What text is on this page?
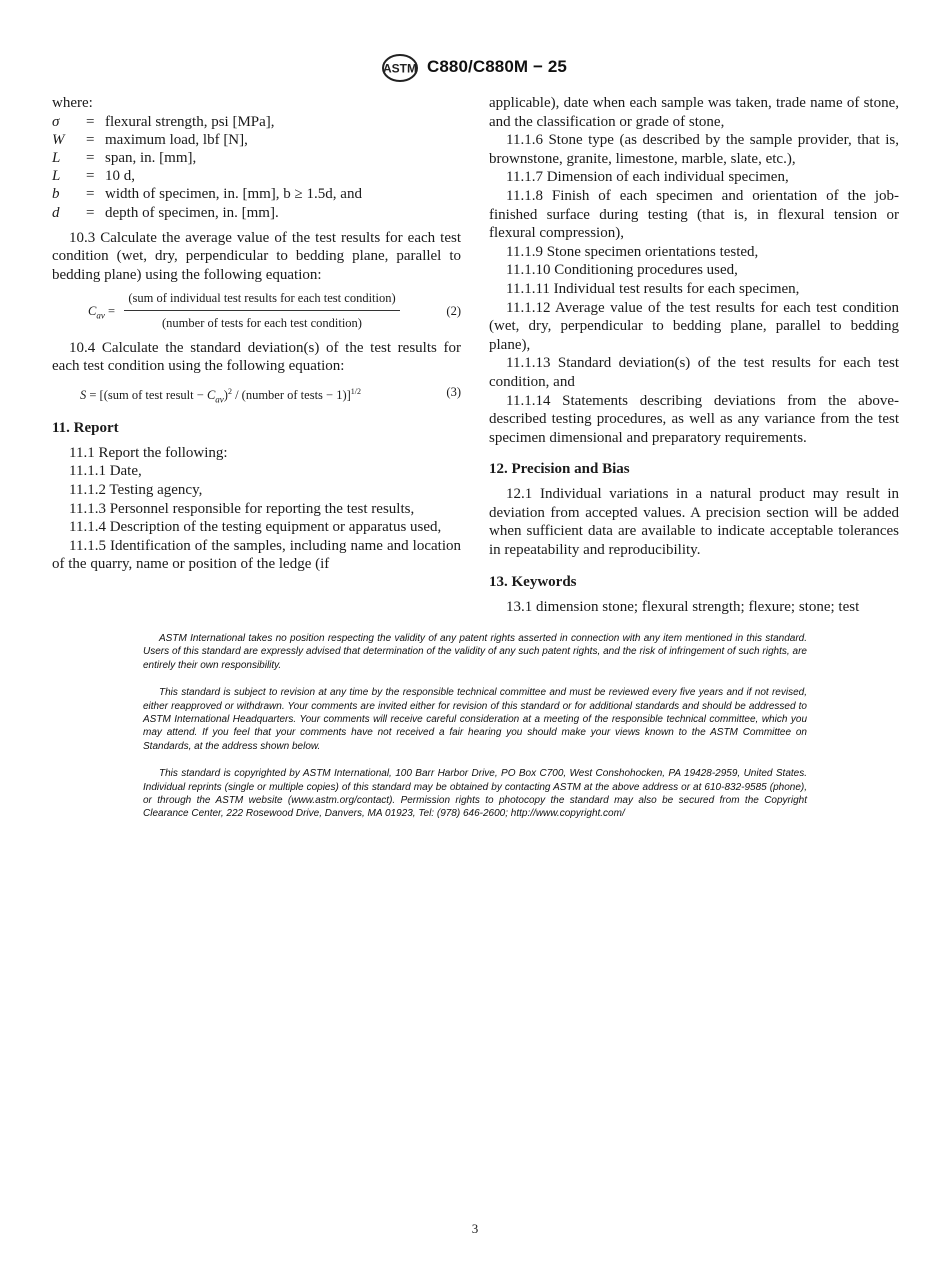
ASTM C880/C880M − 25
where:
σ	= flexural strength, psi [MPa],
W	= maximum load, lbf [N],
L	= span, in. [mm],
L	= 10 d,
b	= width of specimen, in. [mm], b ≥ 1.5d, and
d	= depth of specimen, in. [mm].

10.3 Calculate the average value of the test results for each test condition (wet, dry, perpendicular to bedding plane, parallel to bedding plane) using the following equation:

$C_{av}$ =
(sum of individual test results for each test condition)
(number of tests for each test condition)
(2)

10.4 Calculate the standard deviation(s) of the test results for each test condition using the following equation:

S = [(sum of test result − $C_{av})^2$ / (number of tests − 1)]$^{1/2}$	(3)
11. Report

11.1 Report the following:

11.1.1 Date,

11.1.2 Testing agency,

11.1.3 Personnel responsible for reporting the test results,

11.1.4 Description of the testing equipment or apparatus used,

11.1.5 Identification of the samples, including name and location of the quarry, name or position of the ledge (if

applicable), date when each sample was taken, trade name of stone, and the classification or grade of stone,

11.1.6 Stone type (as described by the sample provider, that is, brownstone, granite, limestone, marble, slate, etc.),

11.1.7 Dimension of each individual specimen,

11.1.8 Finish of each specimen and orientation of the job-finished surface during testing (that is, in flexural tension or flexural compression),

11.1.9 Stone specimen orientations tested,

11.1.10 Conditioning procedures used,

11.1.11 Individual test results for each specimen,

11.1.12 Average value of the test results for each test condition (wet, dry, perpendicular to bedding plane, parallel to bedding plane),

11.1.13 Standard deviation(s) of the test results for each test condition, and

11.1.14 Statements describing deviations from the above-described testing procedures, as well as any variance from the test specimen dimensional and preparatory requirements.

12. Precision and Bias

12.1 Individual variations in a natural product may result in deviation from accepted values. A precision section will be added when sufficient data are available to indicate acceptable tolerances in repeatability and reproducibility.

13. Keywords

13.1 dimension stone; flexural strength; flexure; stone; test

ASTM International takes no position respecting the validity of any patent rights asserted in connection with any item mentioned in this standard. Users of this standard are expressly advised that determination of the validity of any such patent rights, and the risk of infringement of such rights, are entirely their own responsibility.

This standard is subject to revision at any time by the responsible technical committee and must be reviewed every five years and if not revised, either reapproved or withdrawn. Your comments are invited either for revision of this standard or for additional standards and should be addressed to ASTM International Headquarters. Your comments will receive careful consideration at a meeting of the responsible technical committee, which you may attend. If you feel that your comments have not received a fair hearing you should make your views known to the ASTM Committee on Standards, at the address shown below.

This standard is copyrighted by ASTM International, 100 Barr Harbor Drive, PO Box C700, West Conshohocken, PA 19428-2959, United States. Individual reprints (single or multiple copies) of this standard may be obtained by contacting ASTM at the above address or at 610-832-9585 (phone), or through the ASTM website (www.astm.org/contact). Permission rights to photocopy the standard may also be secured from the Copyright Clearance Center, 222 Rosewood Drive, Danvers, MA 01923, Tel: (978) 646-2600; http://www.copyright.com/

3
